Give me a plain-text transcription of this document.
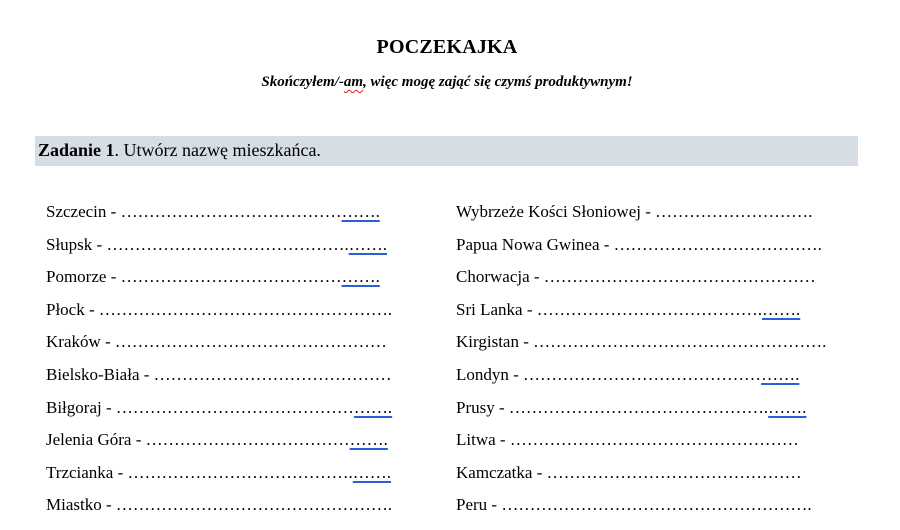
POCZEKAJKA
Skończyłem/-am, więc mogę zająć się czymś produktywnym!
Zadanie 1. Utwórz nazwę mieszkańca.
Szczecin - ……………………………………….
Słupsk - …………………………………….…….
Pomorze - ……………………………………….
Płock - …………………………………………….
Kraków - …………………………………………
Bielsko-Biała - ……………………………………
Biłgoraj - ………………………………………….
Jelenia Góra - …………………………………….
Trzcianka - ………………………………….…….
Miastko - ………………………………………….
Wybrzeże Kości Słoniowej - ……………………….
Papua Nowa Gwinea - ……………………………….
Chorwacja - …………………………………………
Sri Lanka - ………………………………….…….
Kirgistan - …………………………………………….
Londyn - ………………………………………….
Prusy - ……………………………………….…….
Litwa - ……………………………………………
Kamczatka - ………………………………………
Peru - ……………………………………………….
